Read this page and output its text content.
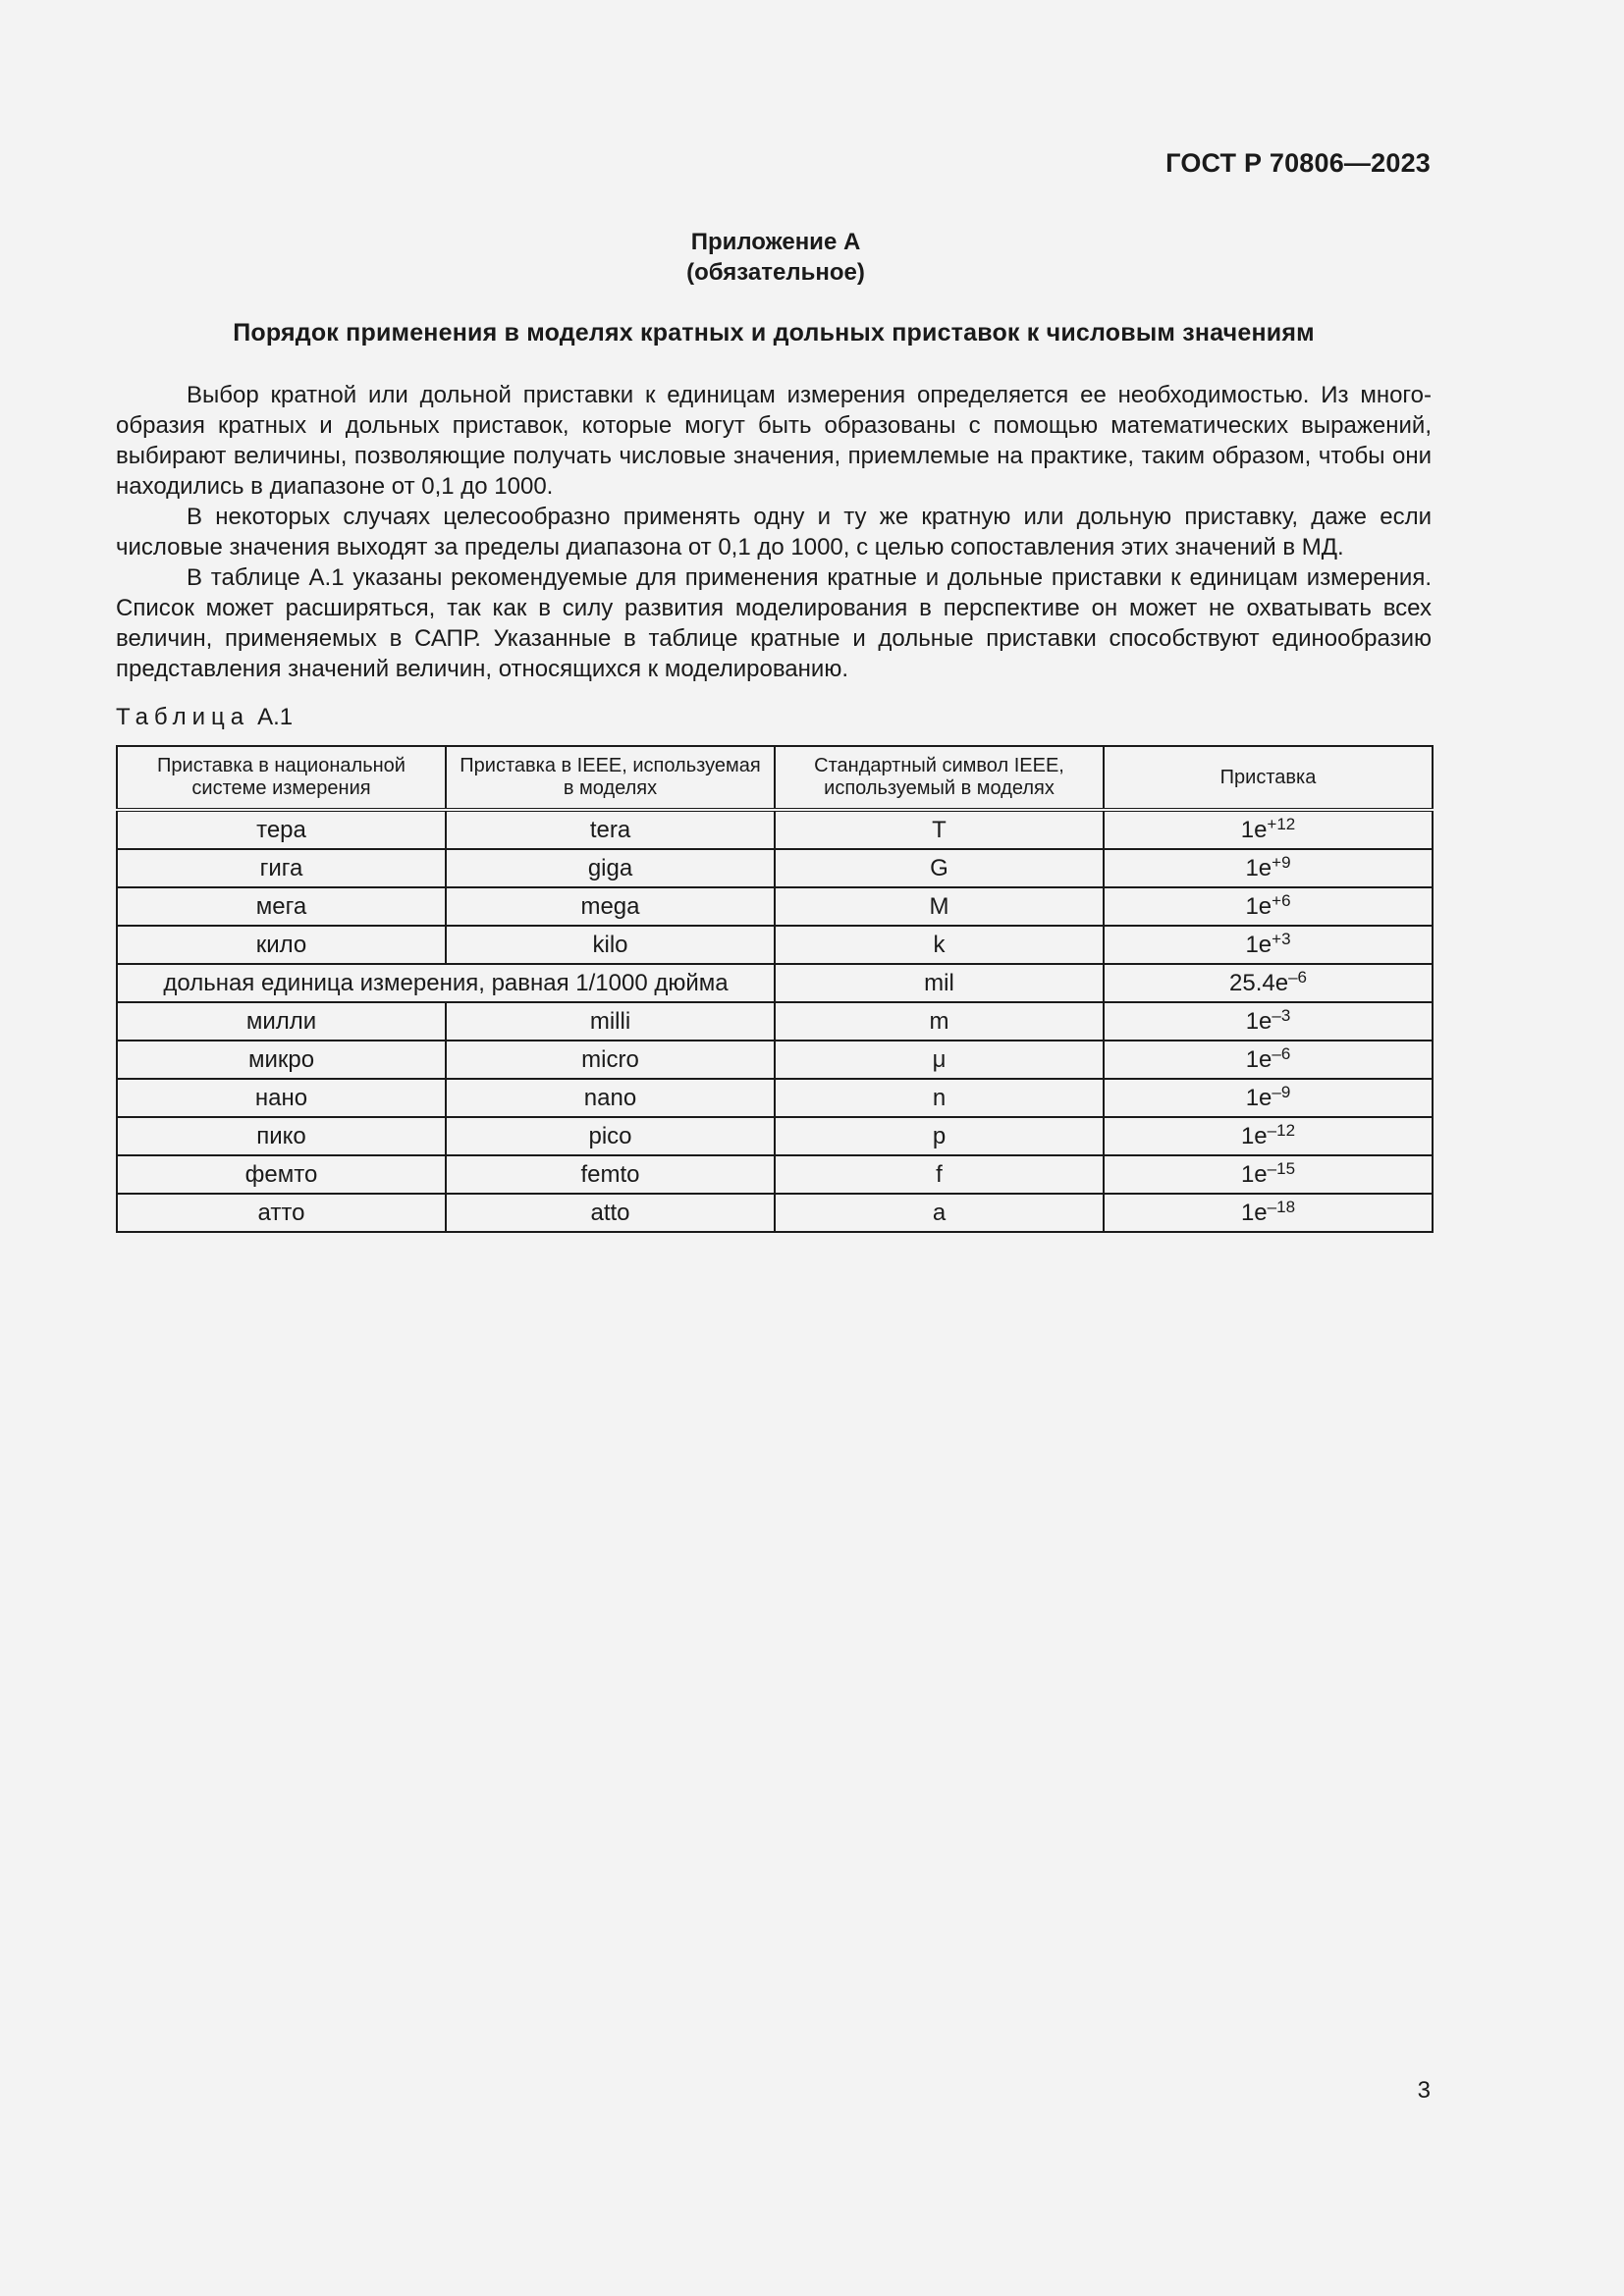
ГОСТ Р 70806—2023
Приложение А
(обязательное)
Порядок применения в моделях кратных и дольных приставок к числовым значениям

Выбор кратной или дольной приставки к единицам измерения определяется ее необходимостью. Из многообразия кратных и дольных приставок, которые могут быть образованы с помощью математических выражений, выбирают величины, позволяющие получать числовые значения, приемлемые на практике, таким образом, чтобы они находились в диапазоне от 0,1 до 1000.

В некоторых случаях целесообразно применять одну и ту же кратную или дольную приставку, даже если числовые значения выходят за пределы диапазона от 0,1 до 1000, с целью сопоставления этих значений в МД.

В таблице А.1 указаны рекомендуемые для применения кратные и дольные приставки к единицам измерения. Список может расширяться, так как в силу развития моделирования в перспективе он может не охватывать всех величин, применяемых в САПР. Указанные в таблице кратные и дольные приставки способствуют единообразию представления значений величин, относящихся к моделированию.

Таблица А.1
Приставка в национальной системе измерения	Приставка в IEEE, используемая в моделях	Стандартный символ IEEE, используемый в моделях	Приставка
тера	tera	T	$1e^{+12}$
гига	giga	G	$1e^{+9}$
мега	mega	M	$1e^{+6}$
кило	kilo	k	$1e^{+3}$
дольная единица измерения, равная 1/1000 дюйма		mil	$25.4e^{-6}$
милли	milli	m	$1e^{-3}$
микро	micro	μ	$1e^{-6}$
нано	nano	n	$1e^{-9}$
пико	pico	p	$1e^{-12}$
фемто	femto	f	$1e^{-15}$
атто	atto	a	$1e^{-18}$
3
